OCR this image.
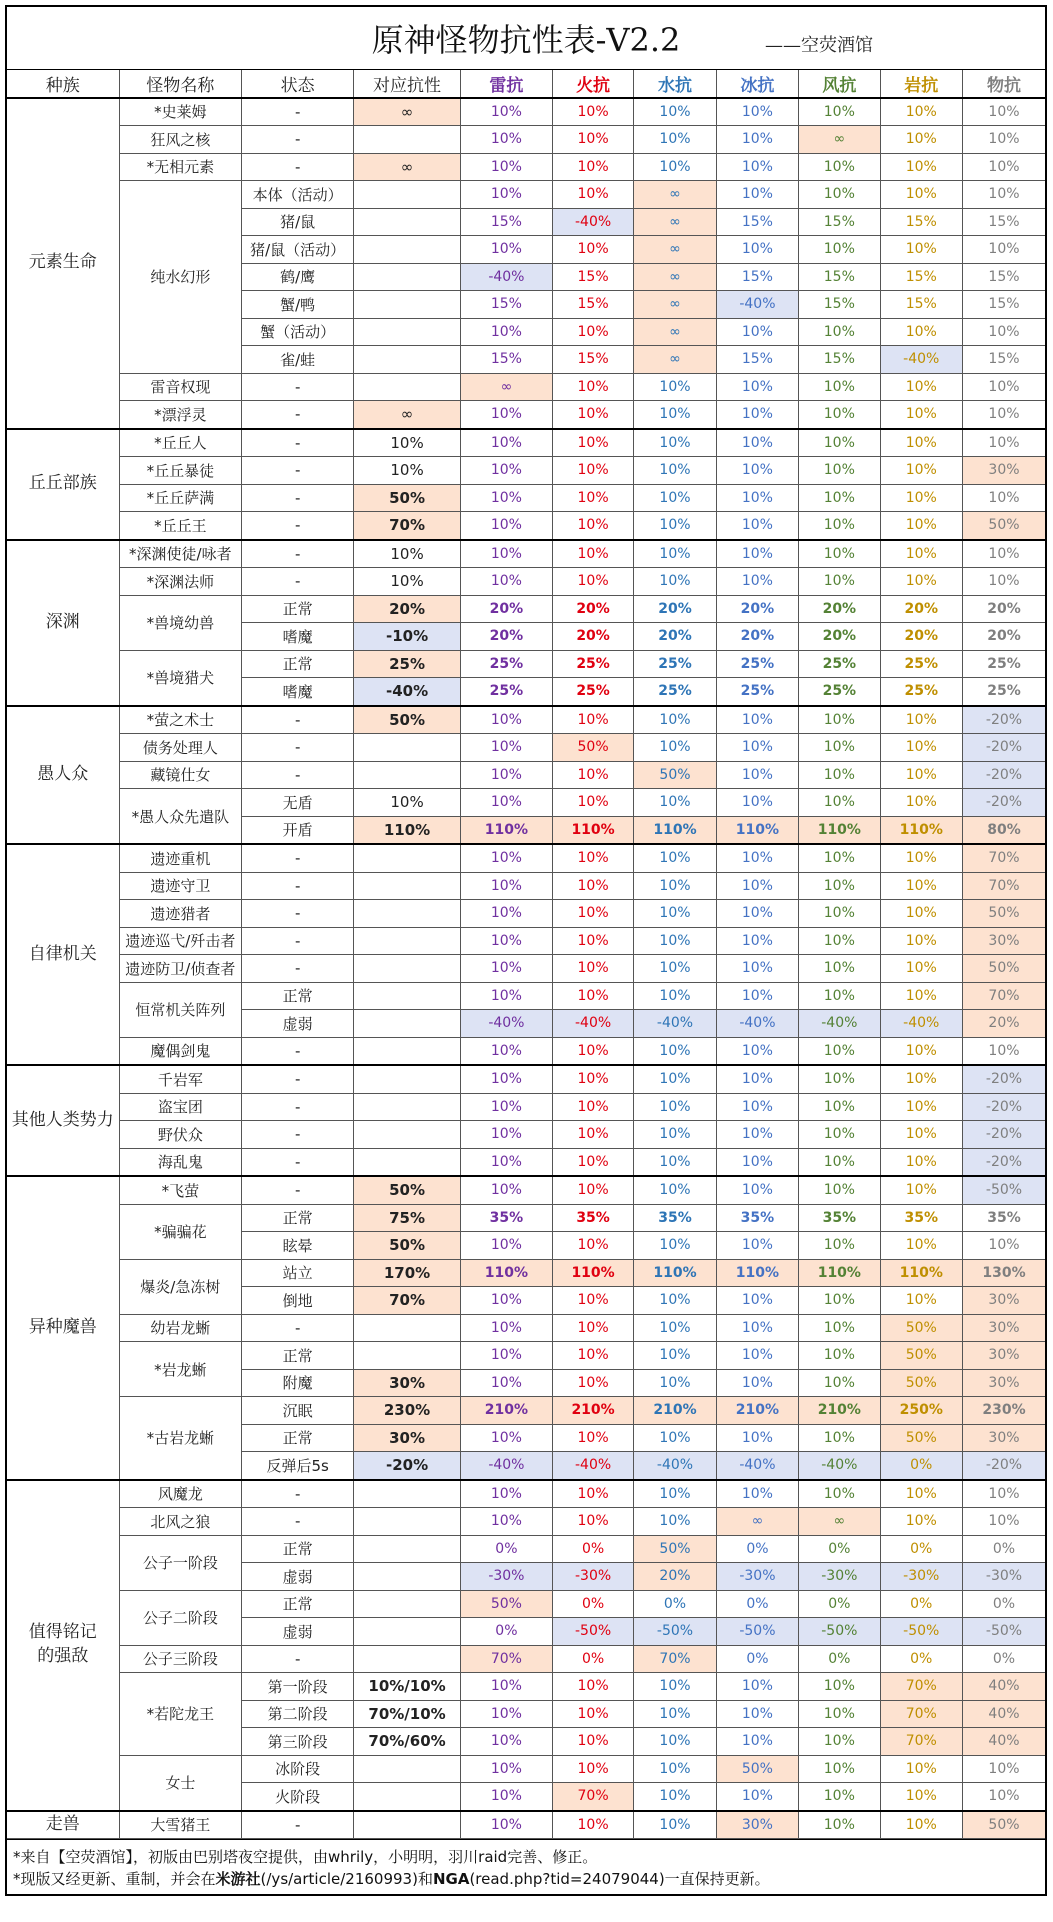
原神怪物抗性表-V2.2	——空荧酒馆
种族	怪物名称	状态	对应抗性	雷抗	火抗	水抗	冰抗	风抗	岩抗	物抗
元素生命	*史莱姆	-	∞	10%	10%	10%	10%	10%	10%	10%
	狂风之核	-		10%	10%	10%	10%	∞	10%	10%
	*无相元素	-	∞	10%	10%	10%	10%	10%	10%	10%
	纯水幻形	本体（活动）		10%	10%	∞	10%	10%	10%	10%
		猪/鼠		15%	-40%	∞	15%	15%	15%	15%
		猪/鼠（活动）		10%	10%	∞	10%	10%	10%	10%
		鹤/鹰		-40%	15%	∞	15%	15%	15%	15%
		蟹/鸭		15%	15%	∞	-40%	15%	15%	15%
		蟹（活动）		10%	10%	∞	10%	10%	10%	10%
		雀/蛙		15%	15%	∞	15%	15%	-40%	15%
	雷音权现	-		∞	10%	10%	10%	10%	10%	10%
	*漂浮灵	-	∞	10%	10%	10%	10%	10%	10%	10%
丘丘部族	*丘丘人	-	10%	10%	10%	10%	10%	10%	10%	10%
	*丘丘暴徒	-	10%	10%	10%	10%	10%	10%	10%	30%
	*丘丘萨满	-	50%	10%	10%	10%	10%	10%	10%	10%
	*丘丘王	-	70%	10%	10%	10%	10%	10%	10%	50%
深渊	*深渊使徒/咏者	-	10%	10%	10%	10%	10%	10%	10%	10%
	*深渊法师	-	10%	10%	10%	10%	10%	10%	10%	10%
	*兽境幼兽	正常	20%	20%	20%	20%	20%	20%	20%	20%
		嗜魔	-10%	20%	20%	20%	20%	20%	20%	20%
	*兽境猎犬	正常	25%	25%	25%	25%	25%	25%	25%	25%
		嗜魔	-40%	25%	25%	25%	25%	25%	25%	25%
愚人众	*萤之术士	-	50%	10%	10%	10%	10%	10%	10%	-20%
	债务处理人	-		10%	50%	10%	10%	10%	10%	-20%
	藏镜仕女	-		10%	10%	50%	10%	10%	10%	-20%
	*愚人众先遣队	无盾	10%	10%	10%	10%	10%	10%	10%	-20%
		开盾	110%	110%	110%	110%	110%	110%	110%	80%
自律机关	遗迹重机	-		10%	10%	10%	10%	10%	10%	70%
	遗迹守卫	-		10%	10%	10%	10%	10%	10%	70%
	遗迹猎者	-		10%	10%	10%	10%	10%	10%	50%
	遗迹巡弋/歼击者	-		10%	10%	10%	10%	10%	10%	30%
	遗迹防卫/侦查者	-		10%	10%	10%	10%	10%	10%	50%
	恒常机关阵列	正常		10%	10%	10%	10%	10%	10%	70%
		虚弱		-40%	-40%	-40%	-40%	-40%	-40%	20%
	魔偶剑鬼	-		10%	10%	10%	10%	10%	10%	10%
其他人类势力	千岩军	-		10%	10%	10%	10%	10%	10%	-20%
	盗宝团	-		10%	10%	10%	10%	10%	10%	-20%
	野伏众	-		10%	10%	10%	10%	10%	10%	-20%
	海乱鬼	-		10%	10%	10%	10%	10%	10%	-20%
异种魔兽	*飞萤	-	50%	10%	10%	10%	10%	10%	10%	-50%
	*骗骗花	正常	75%	35%	35%	35%	35%	35%	35%	35%
		眩晕	50%	10%	10%	10%	10%	10%	10%	10%
	爆炎/急冻树	站立	170%	110%	110%	110%	110%	110%	110%	130%
		倒地	70%	10%	10%	10%	10%	10%	10%	30%
	幼岩龙蜥	-		10%	10%	10%	10%	10%	50%	30%
	*岩龙蜥	正常		10%	10%	10%	10%	10%	50%	30%
		附魔	30%	10%	10%	10%	10%	10%	50%	30%
	*古岩龙蜥	沉眠	230%	210%	210%	210%	210%	210%	250%	230%
		正常	30%	10%	10%	10%	10%	10%	50%	30%
		反弹后5s	-20%	-40%	-40%	-40%	-40%	-40%	0%	-20%
值得铭记
的强敌	风魔龙	-		10%	10%	10%	10%	10%	10%	10%
	北风之狼	-		10%	10%	10%	∞	∞	10%	10%
	公子一阶段	正常		0%	0%	50%	0%	0%	0%	0%
		虚弱		-30%	-30%	20%	-30%	-30%	-30%	-30%
	公子二阶段	正常		50%	0%	0%	0%	0%	0%	0%
		虚弱		0%	-50%	-50%	-50%	-50%	-50%	-50%
	公子三阶段	-		70%	0%	70%	0%	0%	0%	0%
	*若陀龙王	第一阶段	10%/10%	10%	10%	10%	10%	10%	70%	40%
		第二阶段	70%/10%	10%	10%	10%	10%	10%	70%	40%
		第三阶段	70%/60%	10%	10%	10%	10%	10%	70%	40%
	女士	冰阶段		10%	10%	10%	50%	10%	10%	10%
		火阶段		10%	70%	10%	10%	10%	10%	10%
走兽	大雪猪王	-		10%	10%	10%	30%	10%	10%	50%
*来自【空荧酒馆】，初版由巴别塔夜空提供，由whrily，小明明，羽川raid完善、修正。
*现版又经更新、重制，并会在米游社(/ys/article/2160993)和NGA(read.php?tid=24079044)一直保持更新。
